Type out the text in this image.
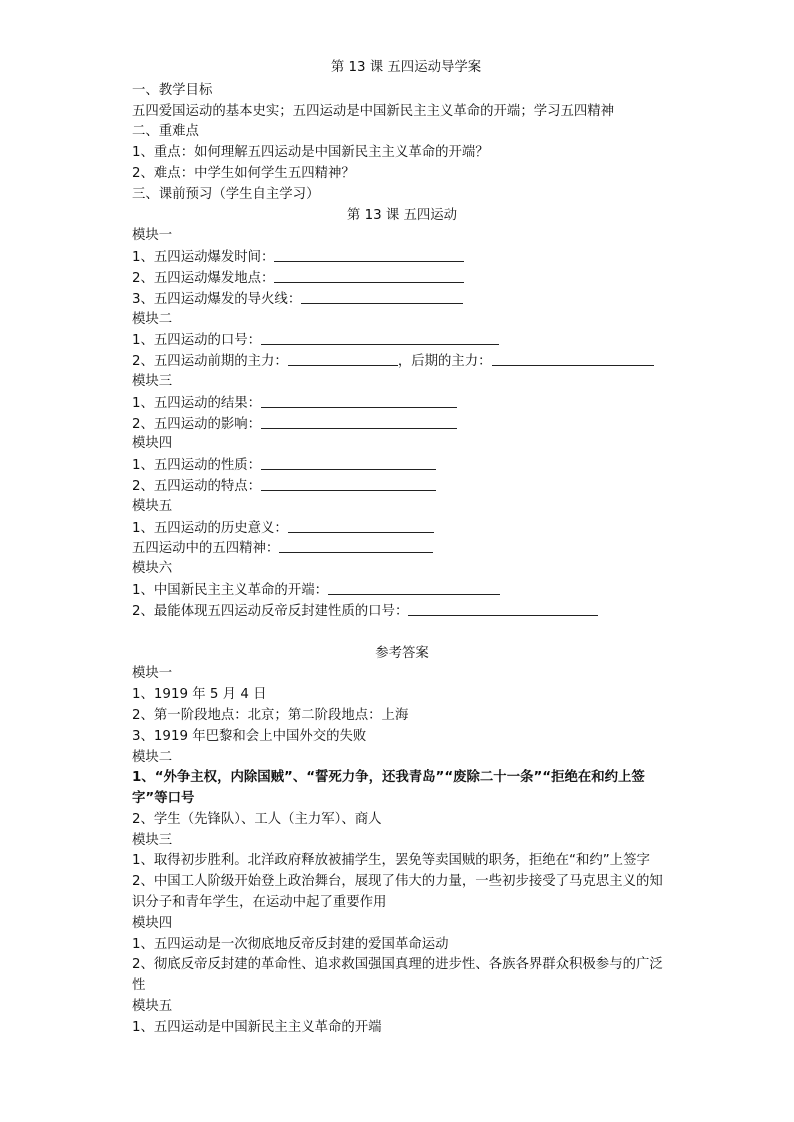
第 13 课 五四运动导学案
一、教学目标
五四爱国运动的基本史实；五四运动是中国新民主主义革命的开端；学习五四精神
二、重难点
1、重点：如何理解五四运动是中国新民主主义革命的开端？
2、难点：中学生如何学生五四精神？
三、课前预习（学生自主学习）
第 13 课 五四运动
模块一
1、五四运动爆发时间：
2、五四运动爆发地点：
3、五四运动爆发的导火线：
模块二
1、五四运动的口号：
2、五四运动前期的主力：	，后期的主力：
模块三
1、五四运动的结果：
2、五四运动的影响：
模块四
1、五四运动的性质：
2、五四运动的特点：
模块五
1、五四运动的历史意义：
五四运动中的五四精神：
模块六
1、中国新民主主义革命的开端：
2、最能体现五四运动反帝反封建性质的口号：
参考答案
模块一
1、1919 年 5 月 4 日
2、第一阶段地点：北京；第二阶段地点：上海
3、1919 年巴黎和会上中国外交的失败
模块二
1、“外争主权，内除国贼”、“誓死力争，还我青岛”“废除二十一条”“拒绝在和约上签字”等口号
2、学生（先锋队）、工人（主力军）、商人
模块三
1、取得初步胜利。北洋政府释放被捕学生，罢免等卖国贼的职务，拒绝在“和约”上签字
2、中国工人阶级开始登上政治舞台，展现了伟大的力量，一些初步接受了马克思主义的知识分子和青年学生，在运动中起了重要作用
模块四
1、五四运动是一次彻底地反帝反封建的爱国革命运动
2、彻底反帝反封建的革命性、追求救国强国真理的进步性、各族各界群众积极参与的广泛性
模块五
1、五四运动是中国新民主主义革命的开端
